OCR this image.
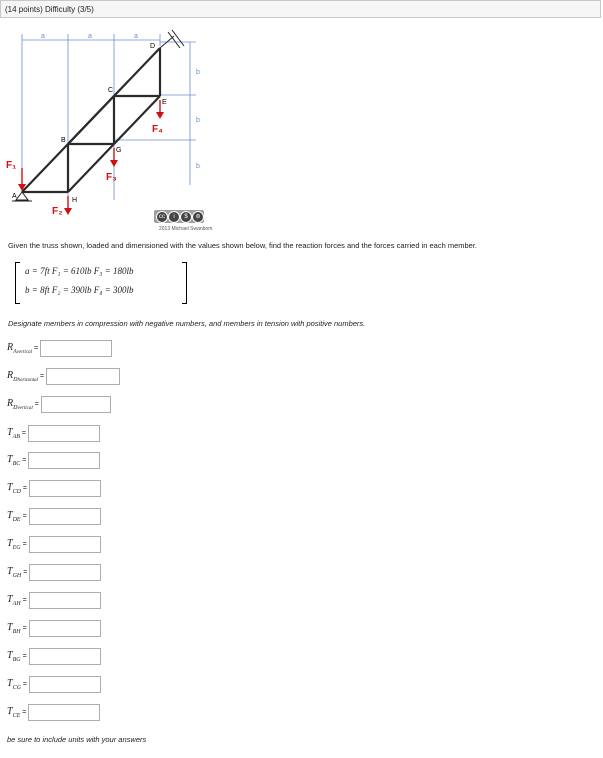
(14 points) Difficulty (3/5)
a	a	a
b
b
b
A
B
C
D
E
G
H
F₁
F₂
F₃
F₄
cc	i	$	⊜
2013 Michael Swanbom
Given the truss shown, loaded and dimensioned with the values shown below, find the reaction forces and the forces carried in each member.
a = 7ft F₁ = 610lb F₃ = 180lb
b = 8ft F₂ = 390lb F₄ = 300lb
Designate members in compression with negative numbers, and members in tension with positive numbers.
$R_{Avertical}$
=
$R_{Dhorizontal}$
=
$R_{Dvertical}$
=
$T_{AB}$ =
$T_{BC}$ =
$T_{CD}$ =
$T_{DE}$ =
$T_{EG}$ =
$T_{GH}$ =
$T_{AH}$ =
$T_{BH}$ =
$T_{BG}$ =
$T_{CG}$ =
$T_{CE}$ =
be sure to include units with your answers
